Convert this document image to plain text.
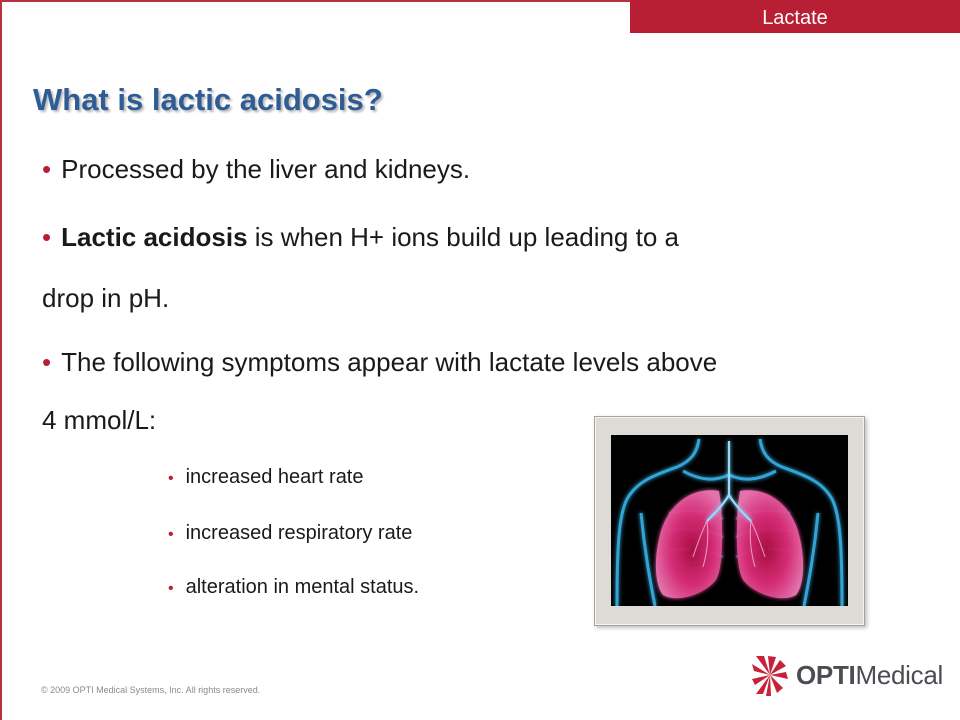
Lactate
What is lactic acidosis?
• Processed by the liver and kidneys.
• Lactic acidosis is when H+ ions build up leading to a
drop in pH.
• The following symptoms appear with lactate levels above
4 mmol/L:
• increased heart rate
• increased respiratory rate
• alteration in mental status.
© 2009 OPTI Medical Systems, Inc. All rights reserved.
OPTIMedical
